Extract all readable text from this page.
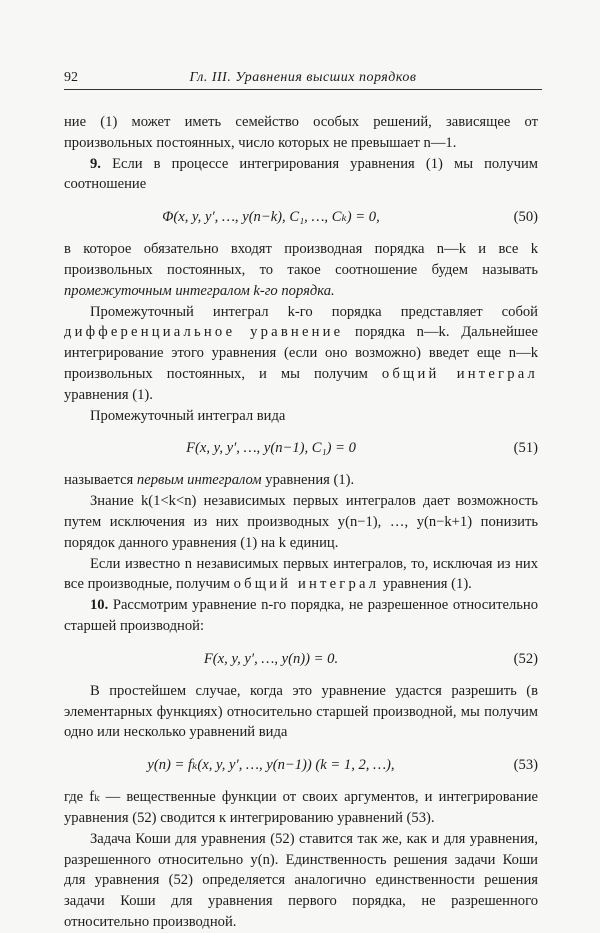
92	Гл. III. Уравнения высших порядков

ние (1) может иметь семейство особых решений, зависящее от произвольных постоянных, число которых не превышает n—1.

9. Если в процессе интегрирования уравнения (1) мы получим соотношение

Φ(x, y, y′, …, y(n−k), C₁, …, Cₖ) = 0,	(50)

в которое обязательно входят производная порядка n—k и все k произвольных постоянных, то такое соотношение будем называть промежуточным интегралом k-го порядка.

Промежуточный интеграл k-го порядка представляет собой дифференциальное уравнение порядка n—k. Дальнейшее интегрирование этого уравнения (если оно возможно) введет еще n—k произвольных постоянных, и мы получим общий интеграл уравнения (1).

Промежуточный интеграл вида

F(x, y, y′, …, y(n−1), C₁) = 0	(51)

называется первым интегралом уравнения (1).

Знание k(1<k<n) независимых первых интегралов дает возможность путем исключения из них производных y(n−1), …, y(n−k+1) понизить порядок данного уравнения (1) на k единиц.

Если известно n независимых первых интегралов, то, исключая из них все производные, получим общий интеграл уравнения (1).

10. Рассмотрим уравнение n-го порядка, не разрешенное относительно старшей производной:

F(x, y, y′, …, y(n)) = 0.	(52)

В простейшем случае, когда это уравнение удастся разрешить (в элементарных функциях) относительно старшей производной, мы получим одно или несколько уравнений вида

y(n) = fₖ(x, y, y′, …, y(n−1)) (k = 1, 2, …),	(53)

где fₖ — вещественные функции от своих аргументов, и интегрирование уравнения (52) сводится к интегрированию уравнений (53).

Задача Коши для уравнения (52) ставится так же, как и для уравнения, разрешенного относительно y(n). Единственность решения задачи Коши для уравнения (52) определяется аналогично единственности решения задачи Коши для уравнения первого порядка, не разрешенного относительно производной.
